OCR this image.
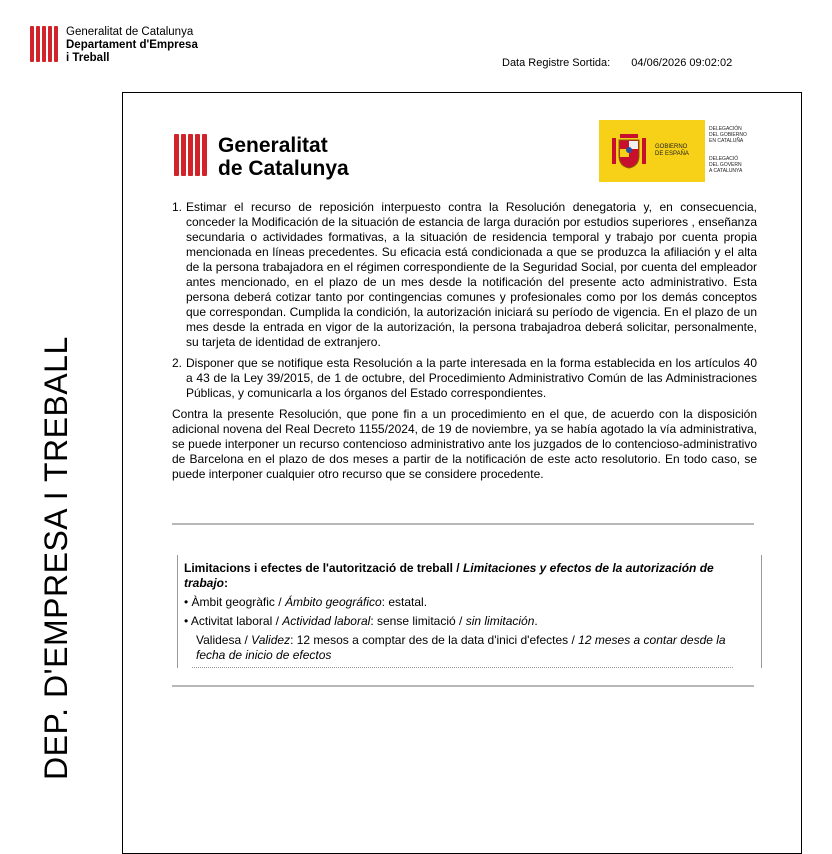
Generalitat de Catalunya
Departament d'Empresa
i Treball	Data Registre Sortida: 04/06/2026 09:02:02
DEP. D'EMPRESA I TREBALL
Generalitat
de Catalunya
GOBIERNO
DE ESPAÑA
DELEGACIÓN
DEL GOBIERNO
EN CATALUÑA
DELEGACIÓ
DEL GOVERN
A CATALUNYA
1. Estimar el recurso de reposición interpuesto contra la Resolución denegatoria y, en consecuencia, conceder la Modificación de la situación de estancia de larga duración por estudios superiores , enseñanza secundaria o actividades formativas, a la situación de residencia temporal y trabajo por cuenta propia mencionada en líneas precedentes. Su eficacia está condicionada a que se produzca la afiliación y el alta de la persona trabajadora en el régimen correspondiente de la Seguridad Social, por cuenta del empleador antes mencionado, en el plazo de un mes desde la notificación del presente acto administrativo. Esta persona deberá cotizar tanto por contingencias comunes y profesionales como por los demás conceptos que correspondan. Cumplida la condición, la autorización iniciará su período de vigencia. En el plazo de un mes desde la entrada en vigor de la autorización, la persona trabajadroa deberá solicitar, personalmente, su tarjeta de identidad de extranjero.
2. Disponer que se notifique esta Resolución a la parte interesada en la forma establecida en los artículos 40 a 43 de la Ley 39/2015, de 1 de octubre, del Procedimiento Administrativo Común de las Administraciones Públicas, y comunicarla a los órganos del Estado correspondientes.
Contra la presente Resolución, que pone fin a un procedimiento en el que, de acuerdo con la disposición adicional novena del Real Decreto 1155/2024, de 19 de noviembre, ya se había agotado la vía administrativa, se puede interponer un recurso contencioso administrativo ante los juzgados de lo contencioso-administrativo de Barcelona en el plazo de dos meses a partir de la notificación de este acto resolutorio. En todo caso, se puede interponer cualquier otro recurso que se considere procedente.
Limitacions i efectes de l'autorització de treball / Limitaciones y efectos de la autorización de trabajo:
• Àmbit geogràfic / Ámbito geográfico: estatal.
• Activitat laboral / Actividad laboral: sense limitació / sin limitación.
Validesa / Validez: 12 mesos a comptar des de la data d'inici d'efectes / 12 meses a contar desde la fecha de inicio de efectos
